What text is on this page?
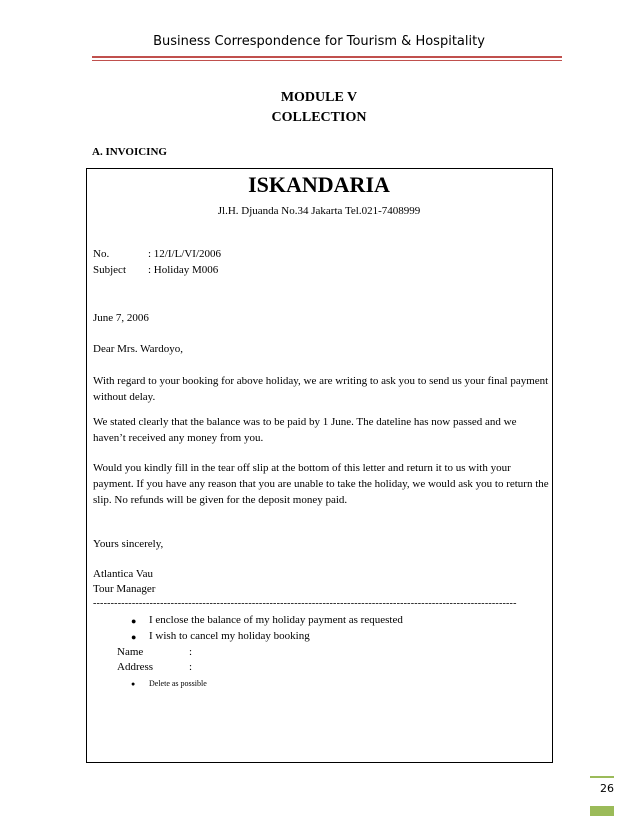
Business Correspondence for Tourism & Hospitality
MODULE V
COLLECTION
A. INVOICING
ISKANDARIA
Jl.H. Djuanda No.34 Jakarta Tel.021-7408999
No.	: 12/I/L/VI/2006
Subject : Holiday M006
June 7, 2006
Dear Mrs. Wardoyo,
With regard to your booking for above holiday, we are writing to ask you to send us your final payment without delay.
We stated clearly that the balance was to be paid by 1 June. The dateline has now passed and we haven’t received any money from you.
Would you kindly fill in the tear off slip at the bottom of this letter and return it to us with your payment. If you have any reason that you are unable to take the holiday, we would ask you to return the slip. No refunds will be given for the deposit money paid.
Yours sincerely,
Atlantica Vau
Tour Manager
------------------------------------------------------------------------------------------------------------------------
● I enclose the balance of my holiday payment as requested
● I wish to cancel my holiday booking
Name	:
Address	:
● Delete as possible
26
